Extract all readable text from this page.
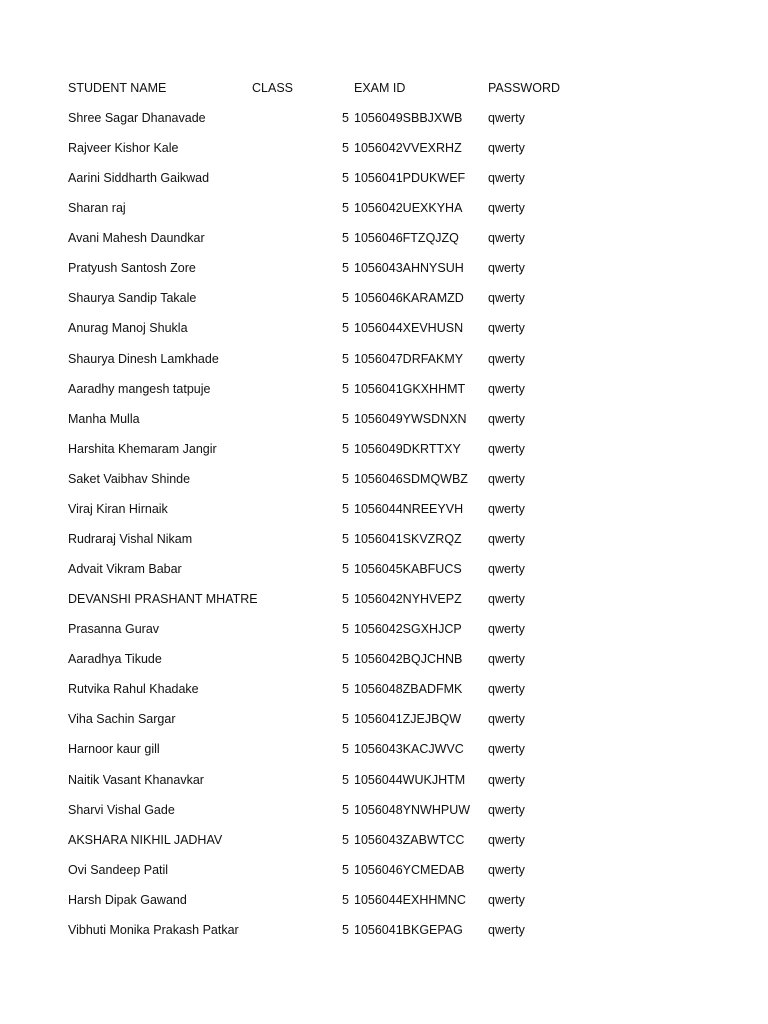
STUDENT NAME	CLASS	EXAM ID	PASSWORD
Shree Sagar Dhanavade	5 1056049SBBJXWB qwerty
Rajveer Kishor Kale	5 1056042VVEXRHZ qwerty
Aarini Siddharth Gaikwad	5 1056041PDUKWEF qwerty
Sharan raj	5 1056042UEXKYHA qwerty
Avani Mahesh Daundkar	5 1056046FTZQJZQ qwerty
Pratyush Santosh Zore	5 1056043AHNYSUH qwerty
Shaurya Sandip Takale	5 1056046KARAMZD qwerty
Anurag Manoj Shukla	5 1056044XEVHUSN qwerty
Shaurya Dinesh Lamkhade	5 1056047DRFAKMY qwerty
Aaradhy mangesh tatpuje	5 1056041GKXHHMT qwerty
Manha Mulla	5 1056049YWSDNXN qwerty
Harshita Khemaram Jangir	5 1056049DKRTTXY qwerty
Saket Vaibhav Shinde	5 1056046SDMQWBZ qwerty
Viraj Kiran Hirnaik	5 1056044NREEYVH qwerty
Rudraraj Vishal Nikam	5 1056041SKVZRQZ qwerty
Advait Vikram Babar	5 1056045KABFUCS qwerty
DEVANSHI PRASHANT MHATRE	5 1056042NYHVEPZ qwerty
Prasanna Gurav	5 1056042SGXHJCP qwerty
Aaradhya Tikude	5 1056042BQJCHNB qwerty
Rutvika Rahul Khadake	5 1056048ZBADFMK qwerty
Viha Sachin Sargar	5 1056041ZJEJBQW qwerty
Harnoor kaur gill	5 1056043KACJWVC qwerty
Naitik Vasant Khanavkar	5 1056044WUKJHTM qwerty
Sharvi Vishal Gade	5 1056048YNWHPUW qwerty
AKSHARA NIKHIL JADHAV	5 1056043ZABWTCC qwerty
Ovi Sandeep Patil	5 1056046YCMEDAB qwerty
Harsh Dipak Gawand	5 1056044EXHHMNC qwerty
Vibhuti Monika Prakash Patkar	5 1056041BKGEPAG qwerty
